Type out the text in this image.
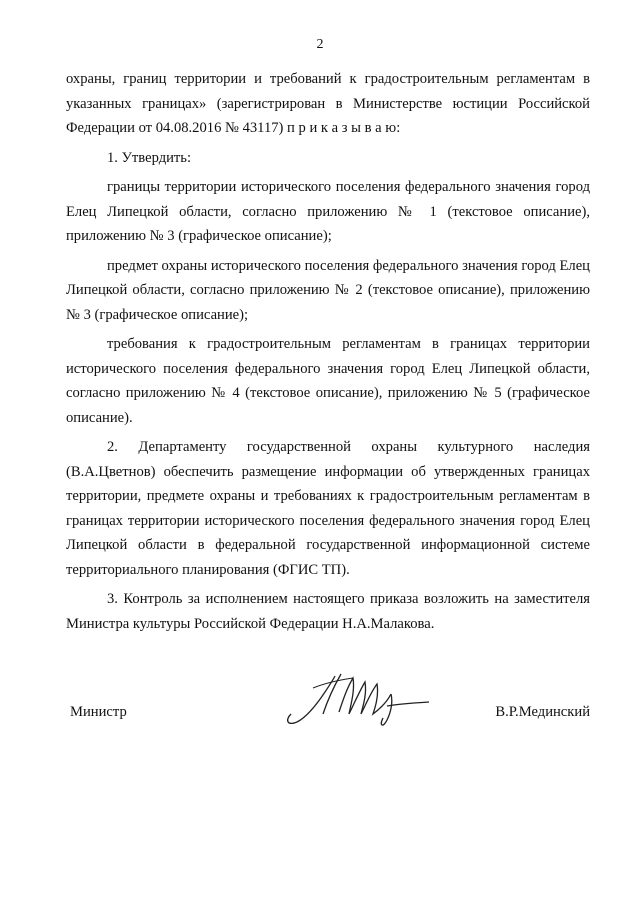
2

охраны, границ территории и требований к градостроительным регламентам в указанных границах» (зарегистрирован в Министерстве юстиции Российской Федерации от 04.08.2016 № 43117) п р и к а з ы в а ю:

1. Утвердить:

границы территории исторического поселения федерального значения город Елец Липецкой области, согласно приложению № 1 (текстовое описание), приложению № 3 (графическое описание);

предмет охраны исторического поселения федерального значения город Елец Липецкой области, согласно приложению № 2 (текстовое описание), приложению № 3 (графическое описание);

требования к градостроительным регламентам в границах территории исторического поселения федерального значения город Елец Липецкой области, согласно приложению № 4 (текстовое описание), приложению № 5 (графическое описание).

2. Департаменту государственной охраны культурного наследия (В.А.Цветнов) обеспечить размещение информации об утвержденных границах территории, предмете охраны и требованиях к градостроительным регламентам в границах территории исторического поселения федерального значения город Елец Липецкой области в федеральной государственной информационной системе территориального планирования (ФГИС ТП).

3. Контроль за исполнением настоящего приказа возложить на заместителя Министра культуры Российской Федерации Н.А.Малакова.

Министр	В.Р.Мединский
